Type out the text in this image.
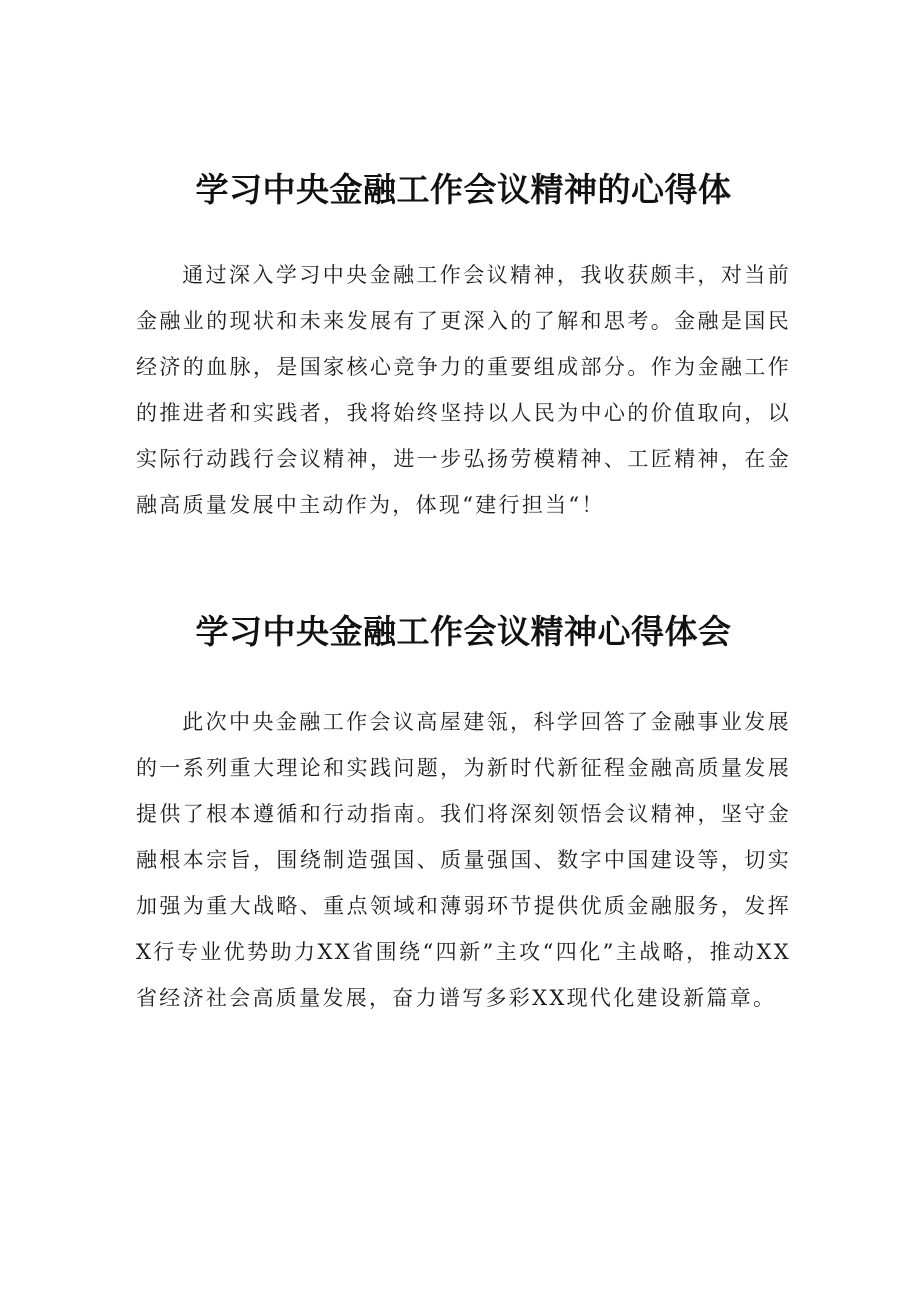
学习中央金融工作会议精神的心得体

通过深入学习中央金融工作会议精神，我收获颇丰，对当前金融业的现状和未来发展有了更深入的了解和思考。金融是国民经济的血脉，是国家核心竞争力的重要组成部分。作为金融工作的推进者和实践者，我将始终坚持以人民为中心的价值取向，以实际行动践行会议精神，进一步弘扬劳模精神、工匠精神，在金融高质量发展中主动作为，体现“建行担当“！

学习中央金融工作会议精神心得体会

此次中央金融工作会议高屋建瓴，科学回答了金融事业发展的一系列重大理论和实践问题，为新时代新征程金融高质量发展提供了根本遵循和行动指南。我们将深刻领悟会议精神，坚守金融根本宗旨，围绕制造强国、质量强国、数字中国建设等，切实加强为重大战略、重点领域和薄弱环节提供优质金融服务，发挥X行专业优势助力XX省围绕“四新”主攻“四化”主战略，推动XX省经济社会高质量发展，奋力谱写多彩XX现代化建设新篇章。
